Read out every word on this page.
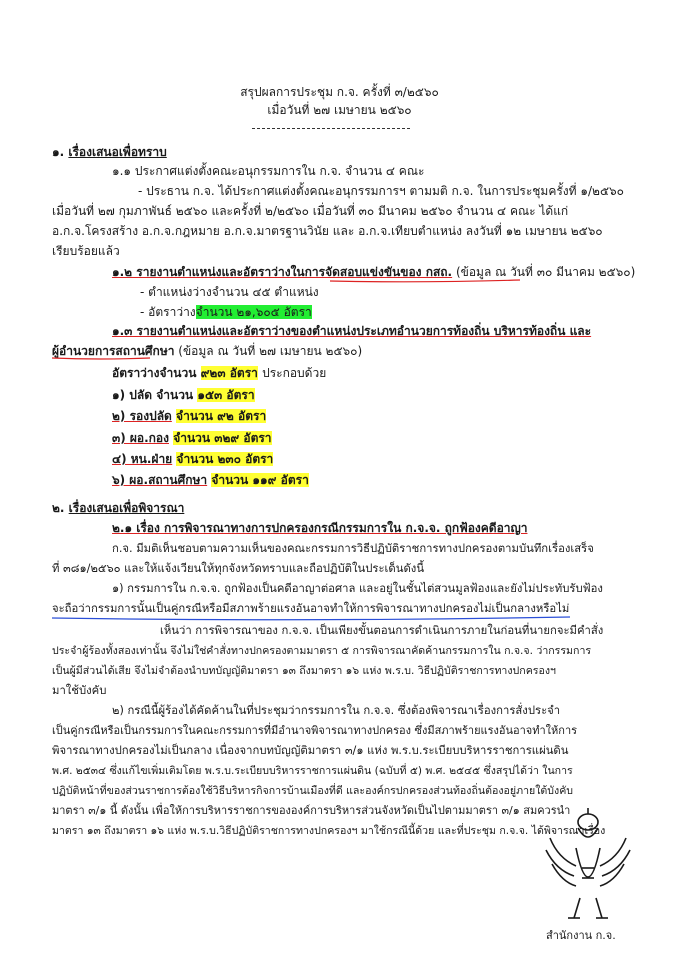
สรุปผลการประชุม ก.จ. ครั้งที่ ๓/๒๕๖๐
เมื่อวันที่ ๒๗ เมษายน ๒๕๖๐
๑. เรื่องเสนอเพื่อทราบ
๑.๑ ประกาศแต่งตั้งคณะอนุกรรมการใน ก.จ. จำนวน ๔ คณะ
- ประธาน ก.จ. ได้ประกาศแต่งตั้งคณะอนุกรรมการฯ ตามมติ ก.จ. ในการประชุมครั้งที่ ๑/๒๕๖๐
เมื่อวันที่ ๒๗ กุมภาพันธ์ ๒๕๖๐ และครั้งที่ ๒/๒๕๖๐ เมื่อวันที่ ๓๐ มีนาคม ๒๕๖๐ จำนวน ๔ คณะ ได้แก่
อ.ก.จ.โครงสร้าง อ.ก.จ.กฎหมาย อ.ก.จ.มาตรฐานวินัย และ อ.ก.จ.เทียบตำแหน่ง ลงวันที่ ๑๒ เมษายน ๒๕๖๐
เรียบร้อยแล้ว
๑.๒ รายงานตำแหน่งและอัตราว่างในการจัดสอบแข่งขันของ กสถ. (ข้อมูล ณ วันที่ ๓๐ มีนาคม ๒๕๖๐)
- ตำแหน่งว่างจำนวน ๔๕ ตำแหน่ง
- อัตราว่างจำนวน ๒๑,๖๐๕ อัตรา
๑.๓ รายงานตำแหน่งและอัตราว่างของตำแหน่งประเภทอำนวยการท้องถิ่น บริหารท้องถิ่น และ
ผู้อำนวยการสถานศึกษา (ข้อมูล ณ วันที่ ๒๗ เมษายน ๒๕๖๐)
อัตราว่างจำนวน ๙๒๓ อัตรา ประกอบด้วย
๑) ปลัด จำนวน ๑๕๓ อัตรา
๒) รองปลัด จำนวน ๙๒ อัตรา
๓) ผอ.กอง จำนวน ๓๒๙ อัตรา
๔) หน.ฝ่าย จำนวน ๒๓๐ อัตรา
๖) ผอ.สถานศึกษา จำนวน ๑๑๙ อัตรา
๒. เรื่องเสนอเพื่อพิจารณา
๒.๑ เรื่อง การพิจารณาทางการปกครองกรณีกรรมการใน ก.จ.จ. ถูกฟ้องคดีอาญา
ก.จ. มีมติเห็นชอบตามความเห็นของคณะกรรมการวิธีปฏิบัติราชการทางปกครองตามบันทึกเรื่องเสร็จ
ที่ ๓๘๑/๒๕๖๐ และให้แจ้งเวียนให้ทุกจังหวัดทราบและถือปฏิบัติในประเด็นดังนี้
๑) กรรมการใน ก.จ.จ. ถูกฟ้องเป็นคดีอาญาต่อศาล และอยู่ในชั้นไต่สวนมูลฟ้องและยังไม่ประทับรับฟ้อง
จะถือว่ากรรมการนั้นเป็นคู่กรณีหรือมีสภาพร้ายแรงอันอาจทำให้การพิจารณาทางปกครองไม่เป็นกลางหรือไม่
เห็นว่า การพิจารณาของ ก.จ.จ. เป็นเพียงขั้นตอนการดำเนินการภายในก่อนที่นายกจะมีคำสั่ง
ประจำผู้ร้องทั้งสองเท่านั้น จึงไม่ใช่คำสั่งทางปกครองตามมาตรา ๕ การพิจารณาคัดค้านกรรมการใน ก.จ.จ. ว่ากรรมการ
เป็นผู้มีส่วนได้เสีย จึงไม่จำต้องนำบทบัญญัติมาตรา ๑๓ ถึงมาตรา ๑๖ แห่ง พ.ร.บ. วิธีปฏิบัติราชการทางปกครองฯ
มาใช้บังคับ
๒) กรณีนี้ผู้ร้องได้คัดค้านในที่ประชุมว่ากรรมการใน ก.จ.จ. ซึ่งต้องพิจารณาเรื่องการสั่งประจำ
เป็นคู่กรณีหรือเป็นกรรมการในคณะกรรมการที่มีอำนาจพิจารณาทางปกครอง ซึ่งมีสภาพร้ายแรงอันอาจทำให้การ
พิจารณาทางปกครองไม่เป็นกลาง เนื่องจากบทบัญญัติมาตรา ๓/๑ แห่ง พ.ร.บ.ระเบียบบริหารราชการแผ่นดิน
พ.ศ. ๒๕๓๔ ซึ่งแก้ไขเพิ่มเติมโดย พ.ร.บ.ระเบียบบริหารราชการแผ่นดิน (ฉบับที่ ๕) พ.ศ. ๒๕๔๕ ซึ่งสรุปได้ว่า ในการ
ปฏิบัติหน้าที่ของส่วนราชการต้องใช้วิธีบริหารกิจการบ้านเมืองที่ดี และองค์กรปกครองส่วนท้องถิ่นต้องอยู่ภายใต้บังคับ
มาตรา ๓/๑ นี้ ดังนั้น เพื่อให้การบริหารราชการขององค์การบริหารส่วนจังหวัดเป็นไปตามมาตรา ๓/๑ สมควรนำ
มาตรา ๑๓ ถึงมาตรา ๑๖ แห่ง พ.ร.บ.วิธีปฏิบัติราชการทางปกครองฯ มาใช้กรณีนี้ด้วย และที่ประชุม ก.จ.จ. ได้พิจารณาเรื่อง
สำนักงาน ก.จ.
